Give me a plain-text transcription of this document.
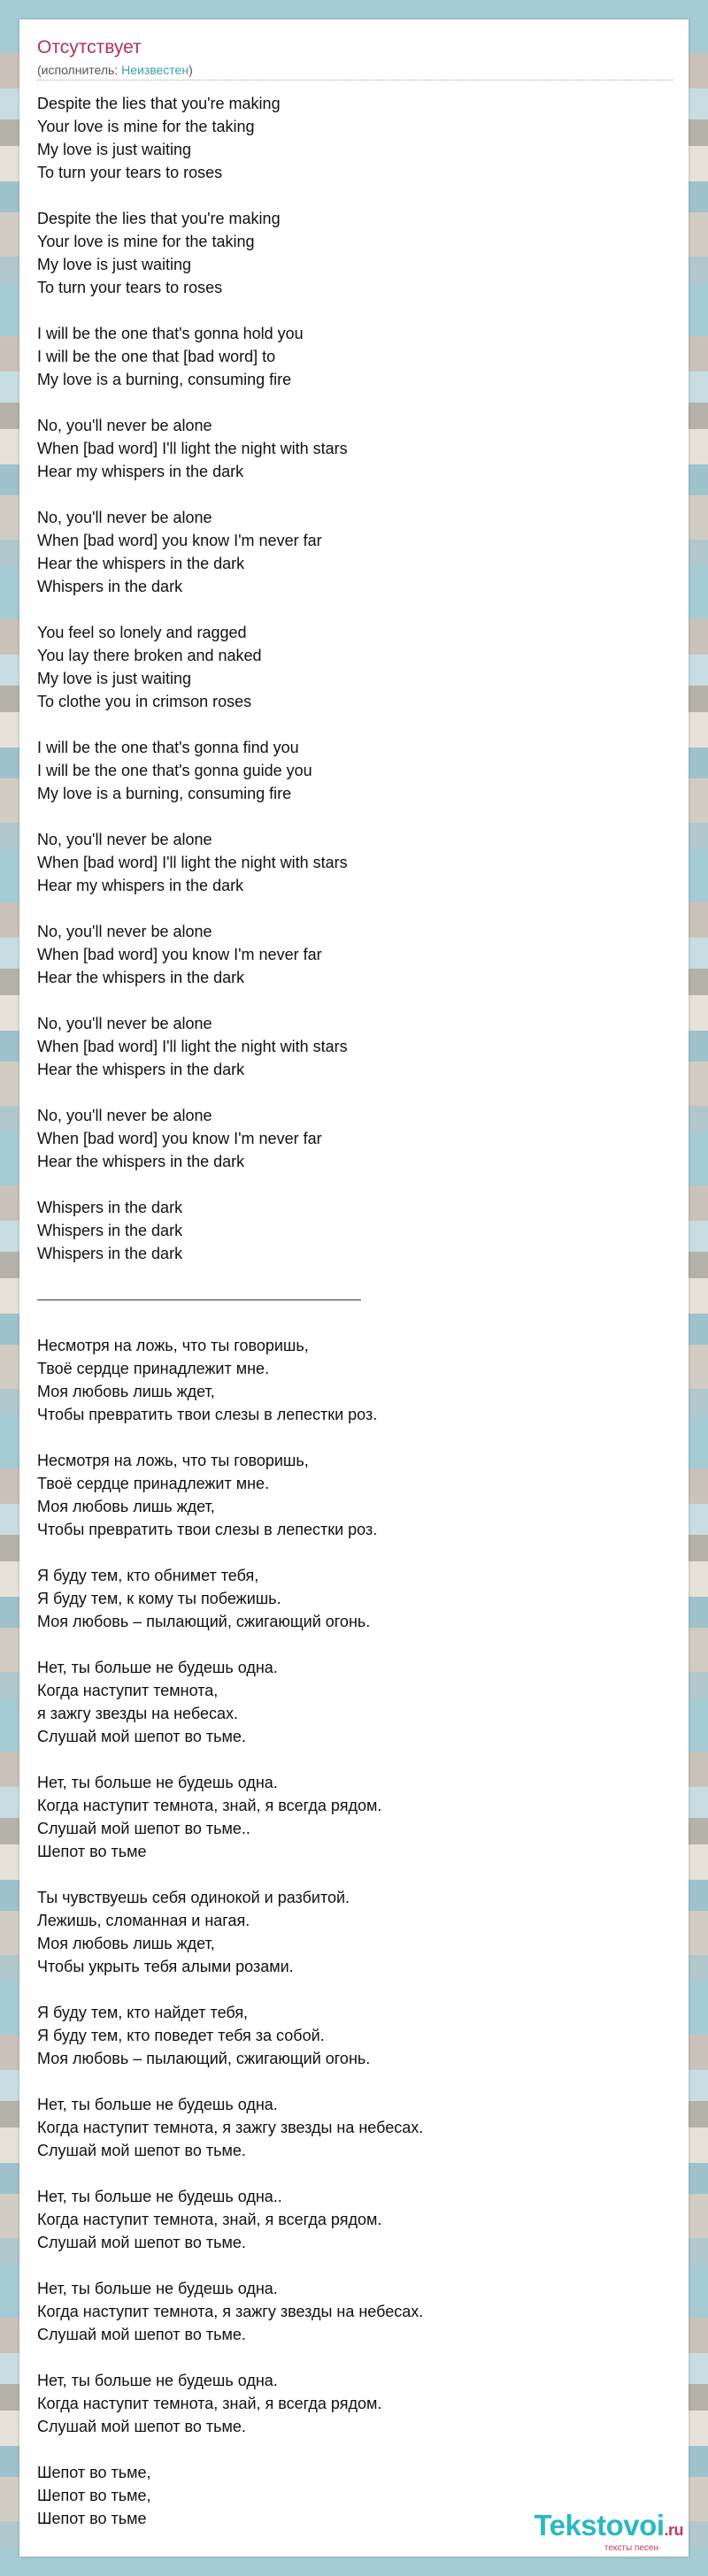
Отсутствует
(исполнитель: Неизвестен)
Despite the lies that you're making
Your love is mine for the taking
My love is just waiting
To turn your tears to roses
Despite the lies that you're making
Your love is mine for the taking
My love is just waiting
To turn your tears to roses
I will be the one that's gonna hold you
I will be the one that [bad word] to
My love is a burning, consuming fire
No, you'll never be alone
When [bad word] I'll light the night with stars
Hear my whispers in the dark
No, you'll never be alone
When [bad word] you know I'm never far
Hear the whispers in the dark
Whispers in the dark
You feel so lonely and ragged
You lay there broken and naked
My love is just waiting
To clothe you in crimson roses
I will be the one that's gonna find you
I will be the one that's gonna guide you
My love is a burning, consuming fire
No, you'll never be alone
When [bad word] I'll light the night with stars
Hear my whispers in the dark
No, you'll never be alone
When [bad word] you know I'm never far
Hear the whispers in the dark
No, you'll never be alone
When [bad word] I'll light the night with stars
Hear the whispers in the dark
No, you'll never be alone
When [bad word] you know I'm never far
Hear the whispers in the dark
Whispers in the dark
Whispers in the dark
Whispers in the dark
Несмотря на ложь, что ты говоришь,
Твоё сердце принадлежит мне.
Моя любовь лишь ждет,
Чтобы превратить твои слезы в лепестки роз.
Несмотря на ложь, что ты говоришь,
Твоё сердце принадлежит мне.
Моя любовь лишь ждет,
Чтобы превратить твои слезы в лепестки роз.
Я буду тем, кто обнимет тебя,
Я буду тем, к кому ты побежишь.
Моя любовь – пылающий, сжигающий огонь.
Нет, ты больше не будешь одна.
Когда наступит темнота,
я зажгу звезды на небесах.
Слушай мой шепот во тьме.
Нет, ты больше не будешь одна.
Когда наступит темнота, знай, я всегда рядом.
Слушай мой шепот во тьме..
Шепот во тьме
Ты чувствуешь себя одинокой и разбитой.
Лежишь, сломанная и нагая.
Моя любовь лишь ждет,
Чтобы укрыть тебя алыми розами.
Я буду тем, кто найдет тебя,
Я буду тем, кто поведет тебя за собой.
Моя любовь – пылающий, сжигающий огонь.
Нет, ты больше не будешь одна.
Когда наступит темнота, я зажгу звезды на небесах.
Слушай мой шепот во тьме.
Нет, ты больше не будешь одна..
Когда наступит темнота, знай, я всегда рядом.
Слушай мой шепот во тьме.
Нет, ты больше не будешь одна.
Когда наступит темнота, я зажгу звезды на небесах.
Слушай мой шепот во тьме.
Нет, ты больше не будешь одна.
Когда наступит темнота, знай, я всегда рядом.
Слушай мой шепот во тьме.
Шепот во тьме,
Шепот во тьме,
Шепот во тьме	Tekstovoi.ru
тексты песен
